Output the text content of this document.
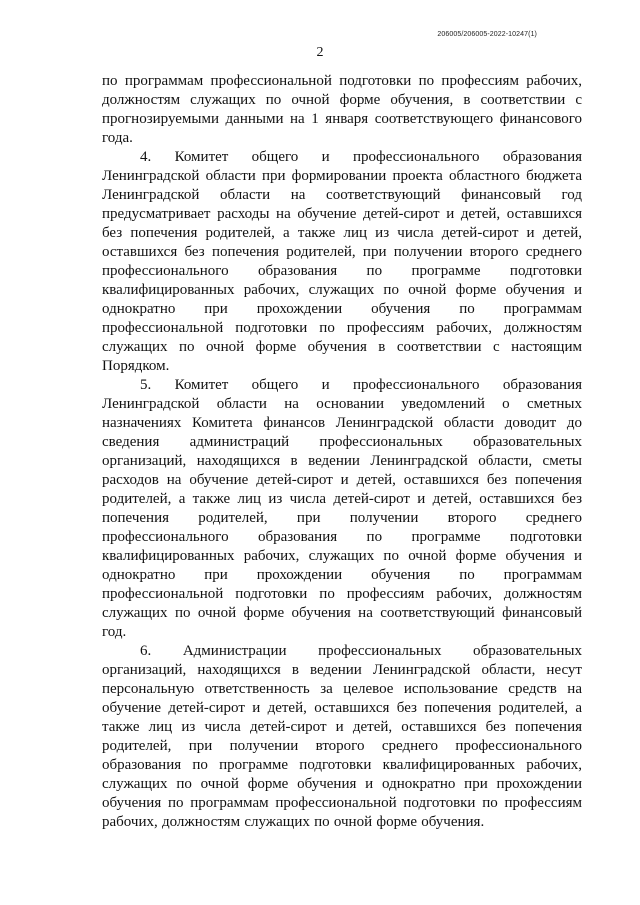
206005/206005-2022-10247(1)
2

по программам профессиональной подготовки по профессиям рабочих, должностям служащих по очной форме обучения, в соответствии с прогнозируемыми данными на 1 января соответствующего финансового года.

4. Комитет общего и профессионального образования Ленинградской области при формировании проекта областного бюджета Ленинградской области на соответствующий финансовый год предусматривает расходы на обучение детей-сирот и детей, оставшихся без попечения родителей, а также лиц из числа детей-сирот и детей, оставшихся без попечения родителей, при получении второго среднего профессионального образования по программе подготовки квалифицированных рабочих, служащих по очной форме обучения и однократно при прохождении обучения по программам профессиональной подготовки по профессиям рабочих, должностям служащих по очной форме обучения в соответствии с настоящим Порядком.

5. Комитет общего и профессионального образования Ленинградской области на основании уведомлений о сметных назначениях Комитета финансов Ленинградской области доводит до сведения администраций профессиональных образовательных организаций, находящихся в ведении Ленинградской области, сметы расходов на обучение детей-сирот и детей, оставшихся без попечения родителей, а также лиц из числа детей-сирот и детей, оставшихся без попечения родителей, при получении второго среднего профессионального образования по программе подготовки квалифицированных рабочих, служащих по очной форме обучения и однократно при прохождении обучения по программам профессиональной подготовки по профессиям рабочих, должностям служащих по очной форме обучения на соответствующий финансовый год.

6. Администрации профессиональных образовательных организаций, находящихся в ведении Ленинградской области, несут персональную ответственность за целевое использование средств на обучение детей-сирот и детей, оставшихся без попечения родителей, а также лиц из числа детей-сирот и детей, оставшихся без попечения родителей, при получении второго среднего профессионального образования по программе подготовки квалифицированных рабочих, служащих по очной форме обучения и однократно при прохождении обучения по программам профессиональной подготовки по профессиям рабочих, должностям служащих по очной форме обучения.
